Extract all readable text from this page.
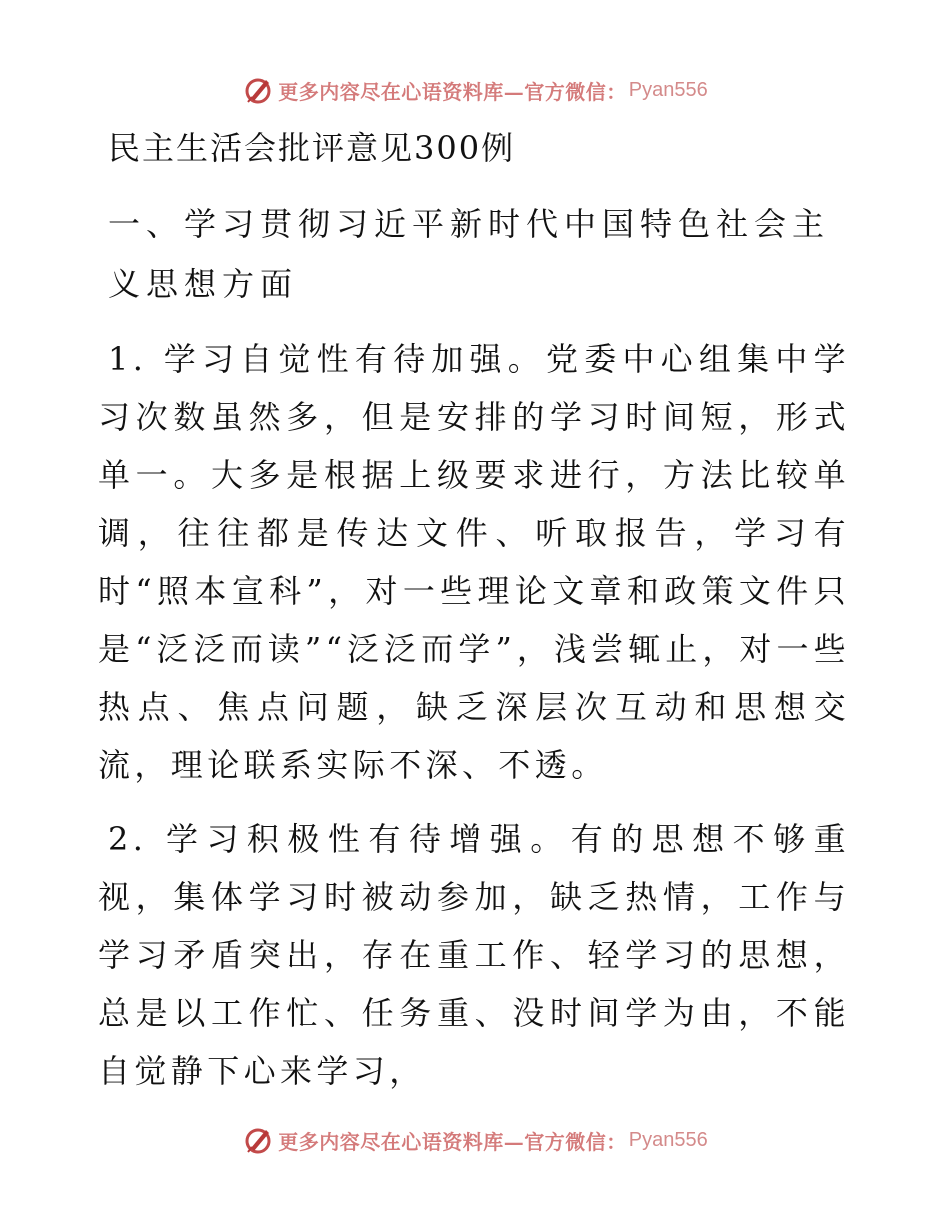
更多内容尽在心语资料库—官方微信： Pyan556
民主生活会批评意见300例
一、学习贯彻习近平新时代中国特色社会主义思想方面

1. 学习自觉性有待加强。党委中心组集中学习次数虽然多，但是安排的学习时间短，形式单一。大多是根据上级要求进行，方法比较单调，往往都是传达文件、听取报告，学习有时“照本宣科”，对一些理论文章和政策文件只是“泛泛而读”“泛泛而学”，浅尝辄止，对一些热点、焦点问题，缺乏深层次互动和思想交流，理论联系实际不深、不透。

2. 学习积极性有待增强。有的思想不够重视，集体学习时被动参加，缺乏热情，工作与学习矛盾突出，存在重工作、轻学习的思想，总是以工作忙、任务重、没时间学为由，不能自觉静下心来学习，

更多内容尽在心语资料库—官方微信： Pyan556
